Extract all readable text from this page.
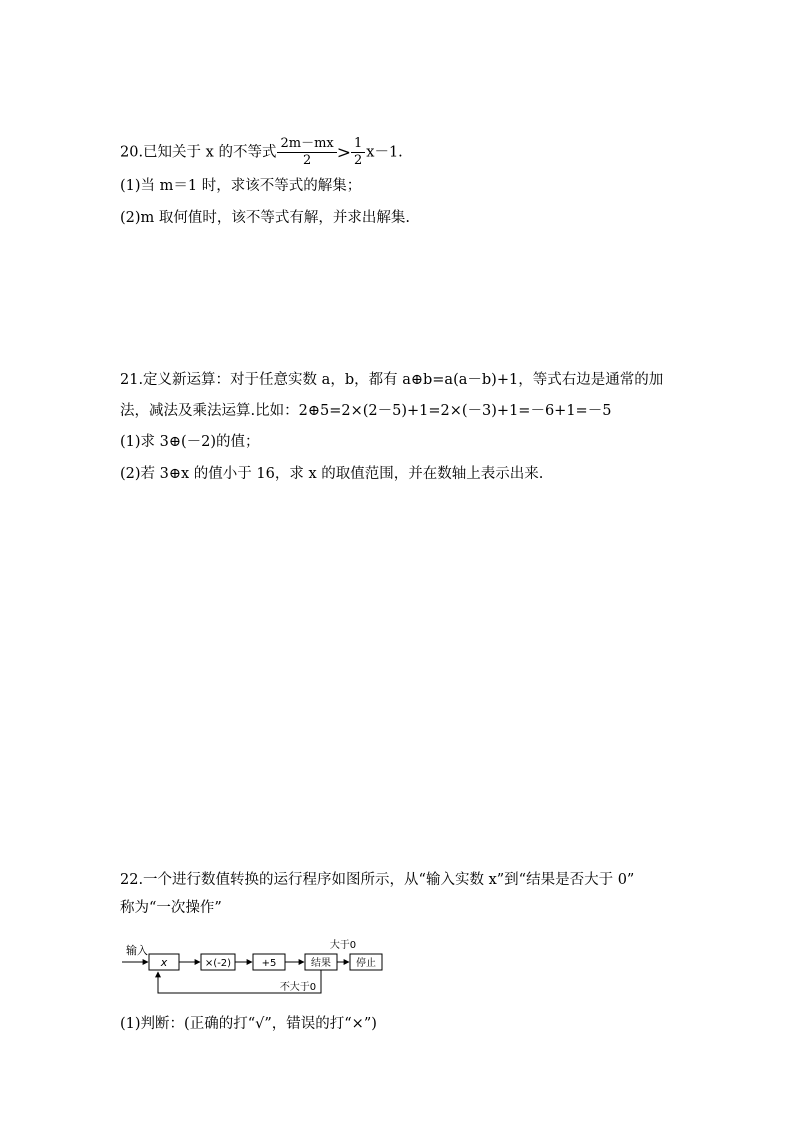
20.已知关于 x 的不等式 $\frac{2m-mx}{2} > \frac{1}{2} x-1$.
(1)当 m＝1 时，求该不等式的解集；
(2)m 取何值时，该不等式有解，并求出解集.
21.定义新运算：对于任意实数 a，b，都有 a⊕b=a(a－b)+1，等式右边是通常的加
法，减法及乘法运算.比如：2⊕5=2×(2－5)+1=2×(－3)+1=－6+1=－5
(1)求 3⊕(－2)的值；
(2)若 3⊕x 的值小于 16，求 x 的取值范围，并在数轴上表示出来.
22.一个进行数值转换的运行程序如图所示，从“输入实数 x”到“结果是否大于 0”
称为“一次操作”
输入
x	×(-2)	+5	结果	停止
大于0
不大于0
(1)判断：(正确的打“√”，错误的打“×”)
